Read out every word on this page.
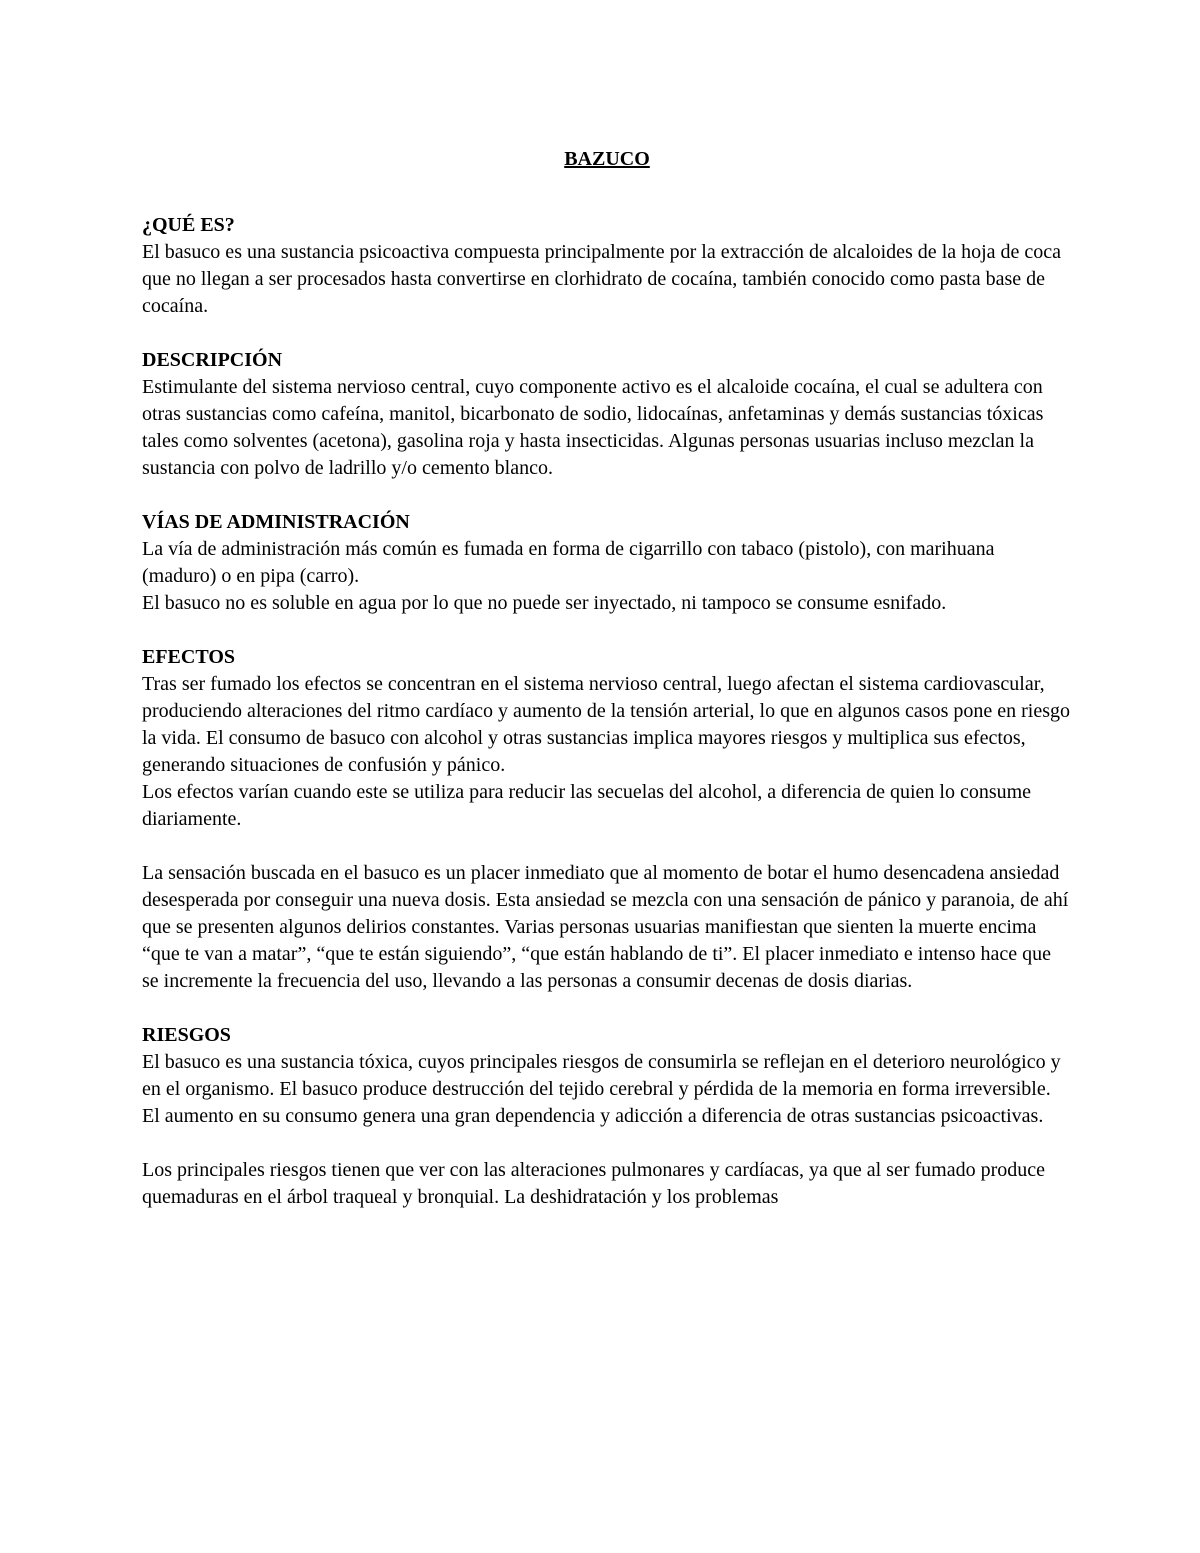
BAZUCO
¿QUÉ ES?

El basuco es una sustancia psicoactiva compuesta principalmente por la extracción de alcaloides de la hoja de coca que no llegan a ser procesados hasta convertirse en clorhidrato de cocaína, también conocido como pasta base de cocaína.

DESCRIPCIÓN

Estimulante del sistema nervioso central, cuyo componente activo es el alcaloide cocaína, el cual se adultera con otras sustancias como cafeína, manitol, bicarbonato de sodio, lidocaínas, anfetaminas y demás sustancias tóxicas tales como solventes (acetona), gasolina roja y hasta insecticidas. Algunas personas usuarias incluso mezclan la sustancia con polvo de ladrillo y/o cemento blanco.

VÍAS DE ADMINISTRACIÓN

La vía de administración más común es fumada en forma de cigarrillo con tabaco (pistolo), con marihuana (maduro) o en pipa (carro).

El basuco no es soluble en agua por lo que no puede ser inyectado, ni tampoco se consume esnifado.

EFECTOS

Tras ser fumado los efectos se concentran en el sistema nervioso central, luego afectan el sistema cardiovascular, produciendo alteraciones del ritmo cardíaco y aumento de la tensión arterial, lo que en algunos casos pone en riesgo la vida. El consumo de basuco con alcohol y otras sustancias implica mayores riesgos y multiplica sus efectos, generando situaciones de confusión y pánico.

Los efectos varían cuando este se utiliza para reducir las secuelas del alcohol, a diferencia de quien lo consume diariamente.

La sensación buscada en el basuco es un placer inmediato que al momento de botar el humo desencadena ansiedad desesperada por conseguir una nueva dosis. Esta ansiedad se mezcla con una sensación de pánico y paranoia, de ahí que se presenten algunos delirios constantes. Varias personas usuarias manifiestan que sienten la muerte encima “que te van a matar”, “que te están siguiendo”, “que están hablando de ti”. El placer inmediato e intenso hace que se incremente la frecuencia del uso, llevando a las personas a consumir decenas de dosis diarias.

RIESGOS

El basuco es una sustancia tóxica, cuyos principales riesgos de consumirla se reflejan en el deterioro neurológico y en el organismo. El basuco produce destrucción del tejido cerebral y pérdida de la memoria en forma irreversible.

El aumento en su consumo genera una gran dependencia y adicción a diferencia de otras sustancias psicoactivas.

Los principales riesgos tienen que ver con las alteraciones pulmonares y cardíacas, ya que al ser fumado produce quemaduras en el árbol traqueal y bronquial. La deshidratación y los problemas
